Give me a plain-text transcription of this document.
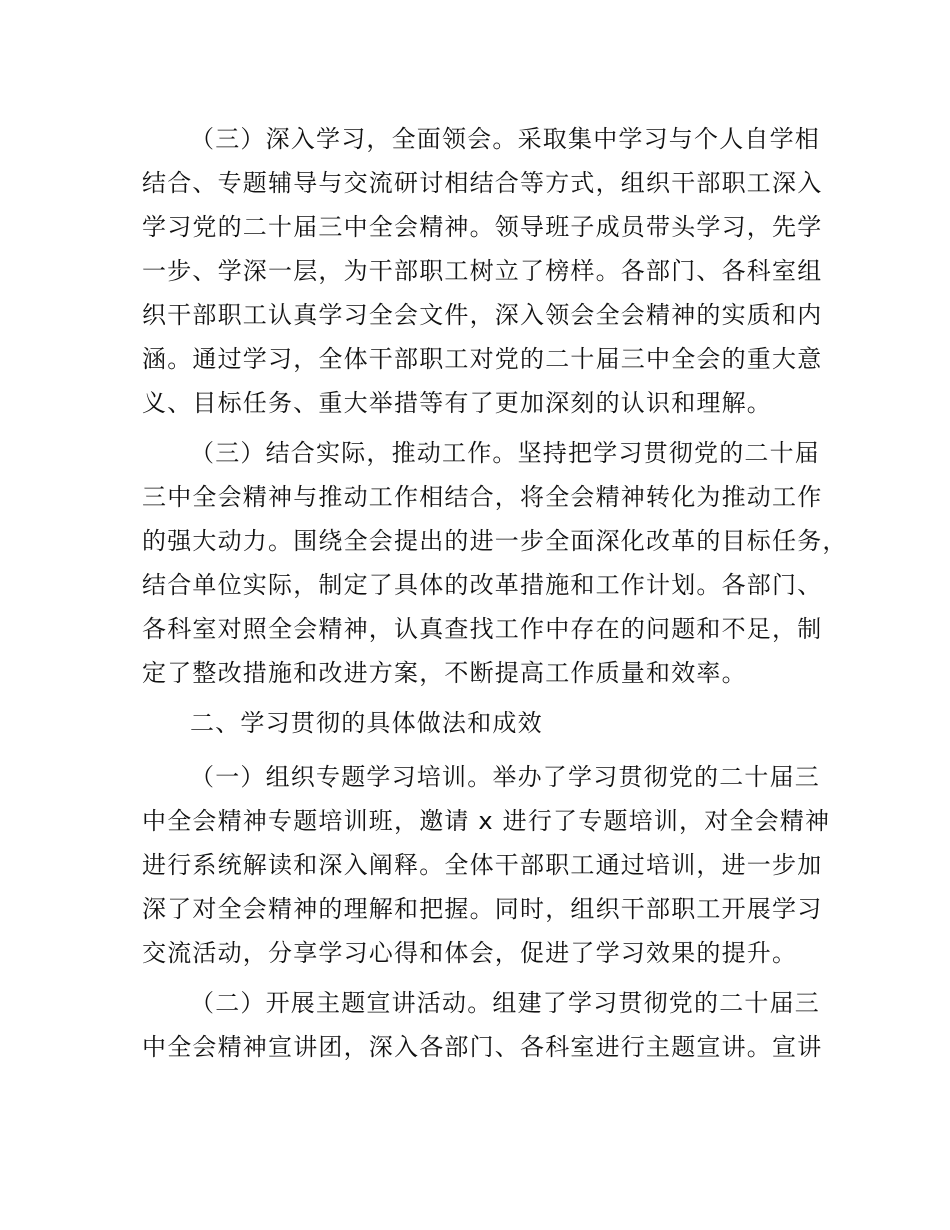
（三）深入学习，全面领会。采取集中学习与个人自学相
结合、专题辅导与交流研讨相结合等方式，组织干部职工深入
学习党的二十届三中全会精神。领导班子成员带头学习，先学
一步、学深一层，为干部职工树立了榜样。各部门、各科室组
织干部职工认真学习全会文件，深入领会全会精神的实质和内
涵。通过学习，全体干部职工对党的二十届三中全会的重大意
义、目标任务、重大举措等有了更加深刻的认识和理解。
（三）结合实际，推动工作。坚持把学习贯彻党的二十届
三中全会精神与推动工作相结合，将全会精神转化为推动工作
的强大动力。围绕全会提出的进一步全面深化改革的目标任务，
结合单位实际，制定了具体的改革措施和工作计划。各部门、
各科室对照全会精神，认真查找工作中存在的问题和不足，制
定了整改措施和改进方案，不断提高工作质量和效率。
二、学习贯彻的具体做法和成效
（一）组织专题学习培训。举办了学习贯彻党的二十届三
中全会精神专题培训班，邀请 x 进行了专题培训，对全会精神
进行系统解读和深入阐释。全体干部职工通过培训，进一步加
深了对全会精神的理解和把握。同时，组织干部职工开展学习
交流活动，分享学习心得和体会，促进了学习效果的提升。
（二）开展主题宣讲活动。组建了学习贯彻党的二十届三
中全会精神宣讲团，深入各部门、各科室进行主题宣讲。宣讲
